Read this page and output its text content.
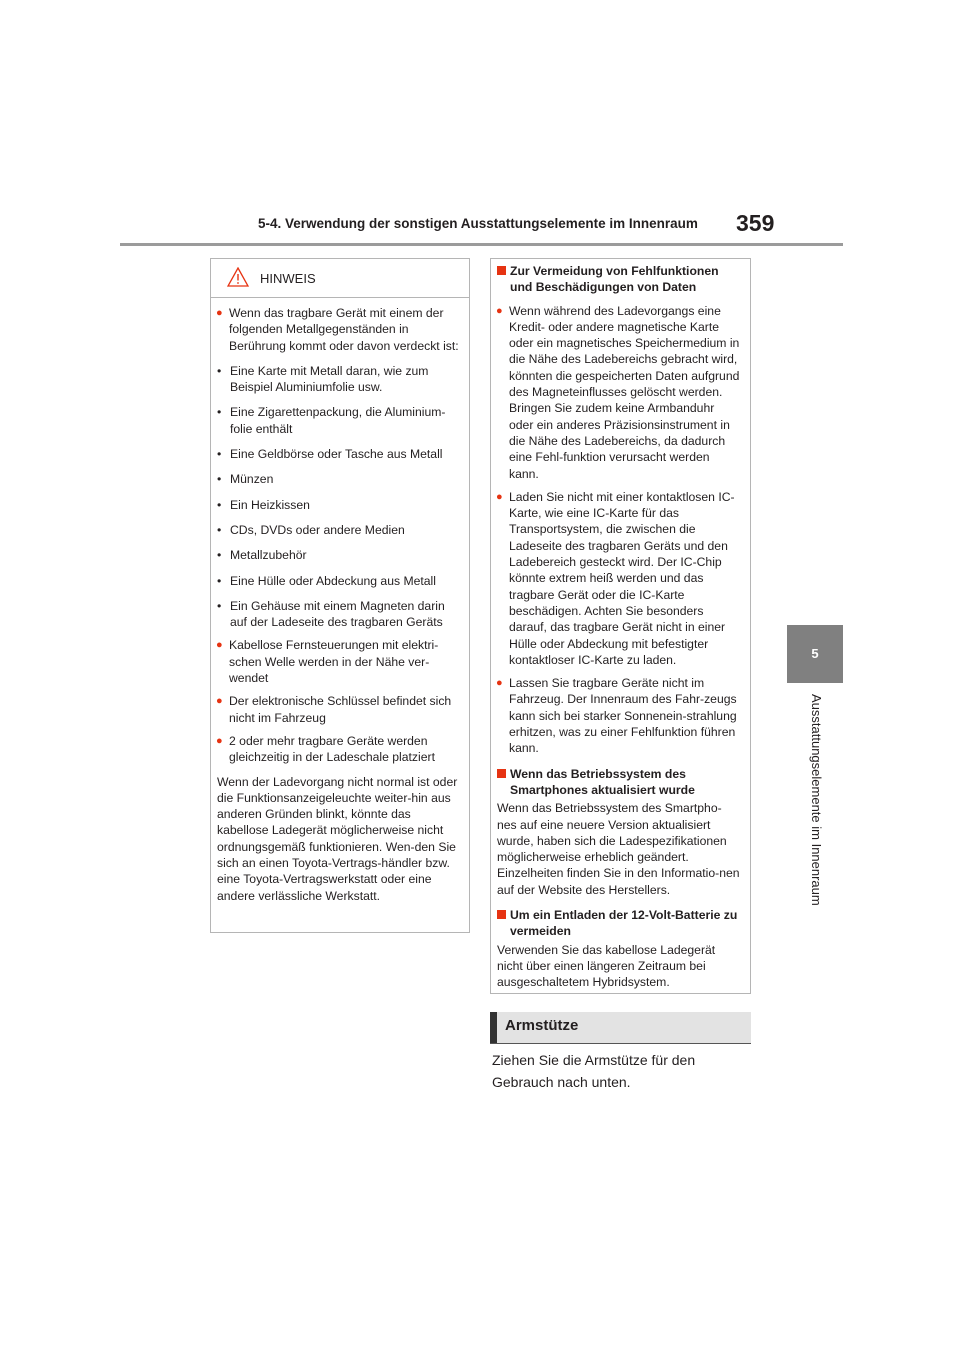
5-4. Verwendung der sonstigen Ausstattungselemente im Innenraum 359
5
Ausstattungselemente im Innenraum
HINWEIS

● Wenn das tragbare Gerät mit einem der folgenden Metallgegenständen in Berührung kommt oder davon verdeckt ist:

• Eine Karte mit Metall daran, wie zum Beispiel Aluminiumfolie usw.

• Eine Zigarettenpackung, die Aluminium-folie enthält

• Eine Geldbörse oder Tasche aus Metall

• Münzen

• Ein Heizkissen

• CDs, DVDs oder andere Medien

• Metallzubehör

• Eine Hülle oder Abdeckung aus Metall

• Ein Gehäuse mit einem Magneten darin auf der Ladeseite des tragbaren Geräts

● Kabellose Fernsteuerungen mit elektri-schen Welle werden in der Nähe ver-wendet

● Der elektronische Schlüssel befindet sich nicht im Fahrzeug

● 2 oder mehr tragbare Geräte werden gleichzeitig in der Ladeschale platziert

Wenn der Ladevorgang nicht normal ist oder die Funktionsanzeigeleuchte weiter-hin aus anderen Gründen blinkt, könnte das kabellose Ladegerät möglicherweise nicht ordnungsgemäß funktionieren. Wen-den Sie sich an einen Toyota-Vertrags-händler bzw. eine Toyota-Vertragswerkstatt oder eine andere verlässliche Werkstatt.

Zur Vermeidung von Fehlfunktionen und Beschädigungen von Daten

● Wenn während des Ladevorgangs eine Kredit- oder andere magnetische Karte oder ein magnetisches Speichermedium in die Nähe des Ladebereichs gebracht wird, könnten die gespeicherten Daten aufgrund des Magneteinflusses gelöscht werden. Bringen Sie zudem keine Armbanduhr oder ein anderes Präzisionsinstrument in die Nähe des Ladebereichs, da dadurch eine Fehl-funktion verursacht werden kann.

● Laden Sie nicht mit einer kontaktlosen IC-Karte, wie eine IC-Karte für das Transportsystem, die zwischen die Ladeseite des tragbaren Geräts und den Ladebereich gesteckt wird. Der IC-Chip könnte extrem heiß werden und das tragbare Gerät oder die IC-Karte beschädigen. Achten Sie besonders darauf, das tragbare Gerät nicht in einer Hülle oder Abdeckung mit befestigter kontaktloser IC-Karte zu laden.

● Lassen Sie tragbare Geräte nicht im Fahrzeug. Der Innenraum des Fahr-zeugs kann sich bei starker Sonnenein-strahlung erhitzen, was zu einer Fehlfunktion führen kann.

Wenn das Betriebssystem des Smartphones aktualisiert wurde

Wenn das Betriebssystem des Smartpho-nes auf eine neuere Version aktualisiert wurde, haben sich die Ladespezifikationen möglicherweise erheblich geändert. Einzelheiten finden Sie in den Informatio-nen auf der Website des Herstellers.

Um ein Entladen der 12-Volt-Batterie zu vermeiden

Verwenden Sie das kabellose Ladegerät nicht über einen längeren Zeitraum bei ausgeschaltetem Hybridsystem.

Armstütze

Ziehen Sie die Armstütze für den Gebrauch nach unten.
